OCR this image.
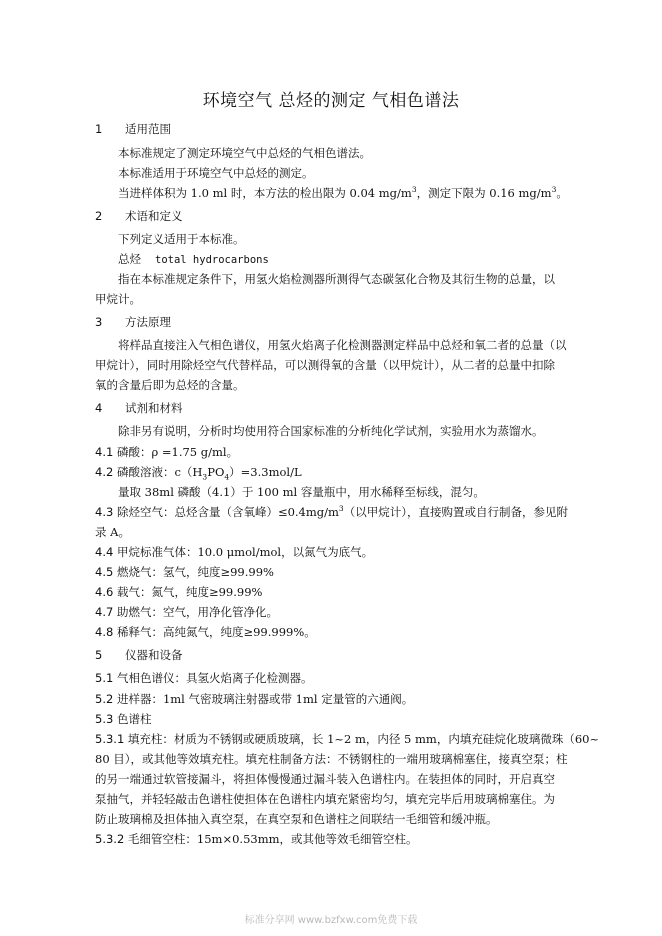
环境空气 总烃的测定 气相色谱法
1 适用范围
本标准规定了测定环境空气中总烃的气相色谱法。
本标准适用于环境空气中总烃的测定。
当进样体积为 1.0 ml 时，本方法的检出限为 0.04 $mg/m^3$，测定下限为 0.16 $mg/m^3$。
2 术语和定义
下列定义适用于本标准。
总烃 total hydrocarbons
指在本标准规定条件下，用氢火焰检测器所测得气态碳氢化合物及其衍生物的总量，以
甲烷计。
3 方法原理
将样品直接注入气相色谱仪，用氢火焰离子化检测器测定样品中总烃和氧二者的总量（以
甲烷计），同时用除烃空气代替样品，可以测得氧的含量（以甲烷计），从二者的总量中扣除
氧的含量后即为总烃的含量。
4 试剂和材料
除非另有说明，分析时均使用符合国家标准的分析纯化学试剂，实验用水为蒸馏水。
4.1 磷酸：ρ =1.75 g/ml。
4.2 磷酸溶液：$c(H_3PO_4)=3.3mol/L$
量取 38ml 磷酸（4.1）于 100 ml 容量瓶中，用水稀释至标线，混匀。
4.3 除烃空气：总烃含量（含氧峰）$\le 0.4mg/m^3$（以甲烷计），直接购置或自行制备，参见附
录 A。
4.4 甲烷标准气体：10.0 μmol/mol，以氮气为底气。
4.5 燃烧气：氢气，纯度≥99.99%
4.6 载气：氮气，纯度≥99.99%
4.7 助燃气：空气，用净化管净化。
4.8 稀释气：高纯氮气，纯度≥99.999%。
5 仪器和设备
5.1 气相色谱仪：具氢火焰离子化检测器。
5.2 进样器：1ml 气密玻璃注射器或带 1ml 定量管的六通阀。
5.3 色谱柱
5.3.1 填充柱：材质为不锈钢或硬质玻璃，长 1~2 m，内径 5 mm，内填充硅烷化玻璃微珠（60~
80 目），或其他等效填充柱。填充柱制备方法：不锈钢柱的一端用玻璃棉塞住，接真空泵；柱
的另一端通过软管接漏斗，将担体慢慢通过漏斗装入色谱柱内。在装担体的同时，开启真空
泵抽气，并轻轻敲击色谱柱使担体在色谱柱内填充紧密均匀，填充完毕后用玻璃棉塞住。为
防止玻璃棉及担体抽入真空泵，在真空泵和色谱柱之间联结一毛细管和缓冲瓶。
5.3.2 毛细管空柱：15m×0.53mm，或其他等效毛细管空柱。
标准分享网 www.bzfxw.com免费下载
